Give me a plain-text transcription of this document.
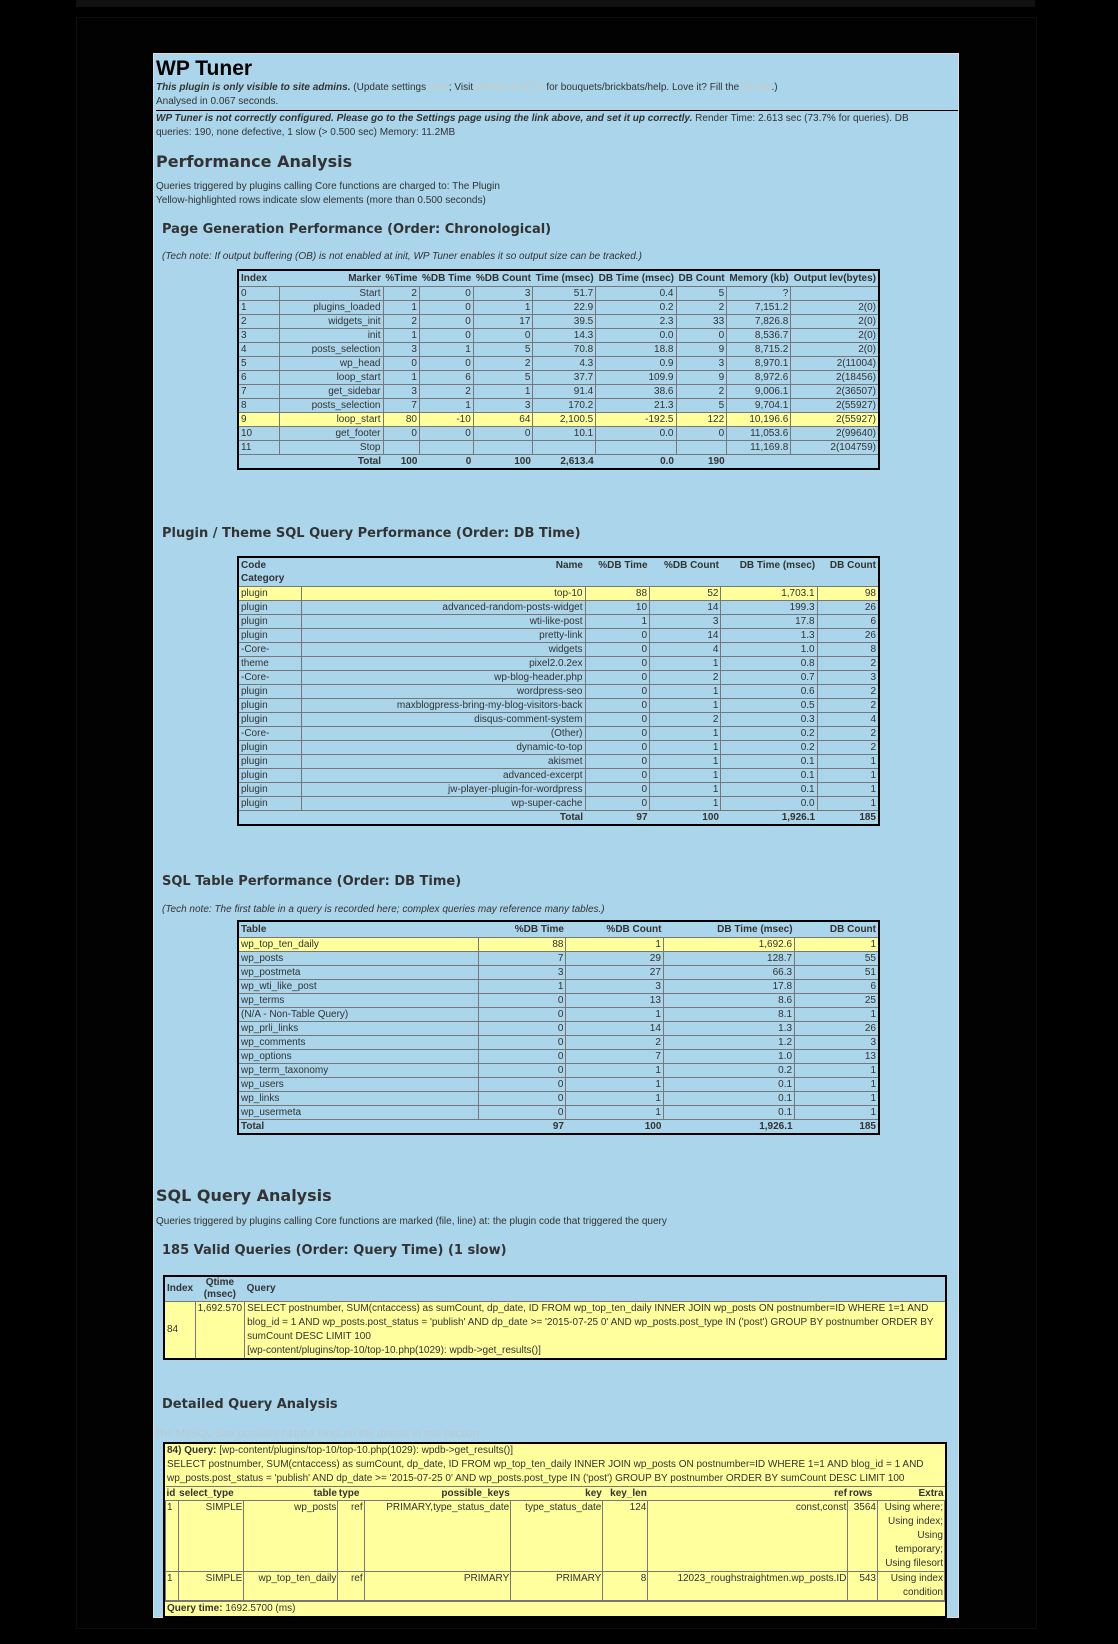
WP Tuner
This plugin is only visible to site admins. (Update settings here; Visit MrPete at ICTA for bouquets/brickbats/help. Love it? Fill the Tip Jar.)
Analysed in 0.067 seconds.
WP Tuner is not correctly configured. Please go to the Settings page using the link above, and set it up correctly. Render Time: 2.613 sec (73.7% for queries). DB
queries: 190, none defective, 1 slow (> 0.500 sec) Memory: 11.2MB
Performance Analysis
Queries triggered by plugins calling Core functions are charged to: The Plugin
Yellow-highlighted rows indicate slow elements (more than 0.500 seconds)
Page Generation Performance (Order: Chronological)
(Tech note: If output buffering (OB) is not enabled at init, WP Tuner enables it so output size can be tracked.)
Index	Marker	%Time	%DB Time	%DB Count	Time (msec)	DB Time (msec)	DB Count	Memory (kb)	Output lev(bytes)
0	Start	2	0	3	51.7	0.4	5	?	
1	plugins_loaded	1	0	1	22.9	0.2	2	7,151.2	2(0)
2	widgets_init	2	0	17	39.5	2.3	33	7,826.8	2(0)
3	init	1	0	0	14.3	0.0	0	8,536.7	2(0)
4	posts_selection	3	1	5	70.8	18.8	9	8,715.2	2(0)
5	wp_head	0	0	2	4.3	0.9	3	8,970.1	2(11004)
6	loop_start	1	6	5	37.7	109.9	9	8,972.6	2(18456)
7	get_sidebar	3	2	1	91.4	38.6	2	9,006.1	2(36507)
8	posts_selection	7	1	3	170.2	21.3	5	9,704.1	2(55927)
9	loop_start	80	-10	64	2,100.5	-192.5	122	10,196.6	2(55927)
10	get_footer	0	0	0	10.1	0.0	0	11,053.6	2(99640)
11	Stop							11,169.8	2(104759)
	Total	100	0	100	2,613.4	0.0	190		
Plugin / Theme SQL Query Performance (Order: DB Time)
Code Category	Name	%DB Time	%DB Count	DB Time (msec)	DB Count
plugin	top-10	88	52	1,703.1	98
plugin	advanced-random-posts-widget	10	14	199.3	26
plugin	wti-like-post	1	3	17.8	6
plugin	pretty-link	0	14	1.3	26
-Core-	widgets	0	4	1.0	8
theme	pixel2.0.2ex	0	1	0.8	2
-Core-	wp-blog-header.php	0	2	0.7	3
plugin	wordpress-seo	0	1	0.6	2
plugin	maxblogpress-bring-my-blog-visitors-back	0	1	0.5	2
plugin	disqus-comment-system	0	2	0.3	4
-Core-	(Other)	0	1	0.2	2
plugin	dynamic-to-top	0	1	0.2	2
plugin	akismet	0	1	0.1	1
plugin	advanced-excerpt	0	1	0.1	1
plugin	jw-player-plugin-for-wordpress	0	1	0.1	1
plugin	wp-super-cache	0	1	0.0	1
	Total	97	100	1,926.1	185
SQL Table Performance (Order: DB Time)
(Tech note: The first table in a query is recorded here; complex queries may reference many tables.)
Table	%DB Time	%DB Count	DB Time (msec)	DB Count
wp_top_ten_daily	88	1	1,692.6	1
wp_posts	7	29	128.7	55
wp_postmeta	3	27	66.3	51
wp_wti_like_post	1	3	17.8	6
wp_terms	0	13	8.6	25
(N/A - Non-Table Query)	0	1	8.1	1
wp_prli_links	0	14	1.3	26
wp_comments	0	2	1.2	3
wp_options	0	7	1.0	13
wp_term_taxonomy	0	1	0.2	1
wp_users	0	1	0.1	1
wp_links	0	1	0.1	1
wp_usermeta	0	1	0.1	1
Total	97	100	1,926.1	185
SQL Query Analysis
Queries triggered by plugins calling Core functions are marked (file, line) at: the plugin code that triggered the query
185 Valid Queries (Order: Query Time) (1 slow)
Index	Qtime (msec)	Query
84	1,692.570	SELECT postnumber, SUM(cntaccess) as sumCount, dp_date, ID FROM wp_top_ten_daily INNER JOIN wp_posts ON postnumber=ID WHERE 1=1 AND blog_id = 1 AND wp_posts.post_status = 'publish' AND dp_date >= '2015-07-25 0' AND wp_posts.post_type IN ('post') GROUP BY postnumber ORDER BY sumCount DESC LIMIT 100
[wp-content/plugins/top-10/top-10.php(1029): wpdb->get_results()]
Detailed Query Analysis
The MySQL Site provides helpful hints on the details in this section.
84) Query: [wp-content/plugins/top-10/top-10.php(1029): wpdb->get_results()]
SELECT postnumber, SUM(cntaccess) as sumCount, dp_date, ID FROM wp_top_ten_daily INNER JOIN wp_posts ON postnumber=ID WHERE 1=1 AND blog_id = 1 AND wp_posts.post_status = 'publish' AND dp_date >= '2015-07-25 0' AND wp_posts.post_type IN ('post') GROUP BY postnumber ORDER BY sumCount DESC LIMIT 100
id	select_type	table	type	possible_keys	key	key_len	ref	rows	Extra
1	SIMPLE	wp_posts	ref	PRIMARY,type_status_date	type_status_date	124	const,const	3564	Using where; Using index; Using temporary; Using filesort
1	SIMPLE	wp_top_ten_daily	ref	PRIMARY	PRIMARY	8	12023_roughstraightmen.wp_posts.ID	543	Using index condition
Query time: 1692.5700 (ms)
